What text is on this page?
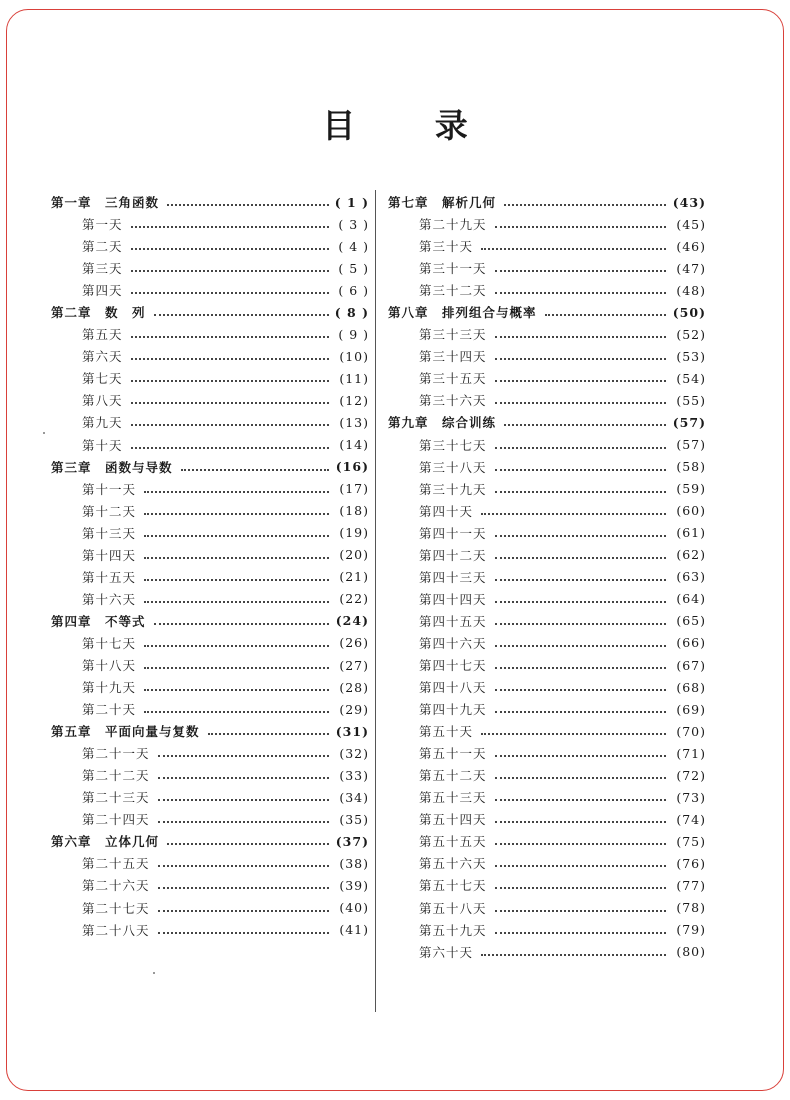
目 录
第一章　三角函数	( 1 )
第一天	( 3 )
第二天	( 4 )
第三天	( 5 )
第四天	( 6 )
第二章　数　列	( 8 )
第五天	( 9 )
第六天	(10)
第七天	(11)
第八天	(12)
第九天	(13)
第十天	(14)
第三章　函数与导数	(16)
第十一天	(17)
第十二天	(18)
第十三天	(19)
第十四天	(20)
第十五天	(21)
第十六天	(22)
第四章　不等式	(24)
第十七天	(26)
第十八天	(27)
第十九天	(28)
第二十天	(29)
第五章　平面向量与复数	(31)
第二十一天	(32)
第二十二天	(33)
第二十三天	(34)
第二十四天	(35)
第六章　立体几何	(37)
第二十五天	(38)
第二十六天	(39)
第二十七天	(40)
第二十八天	(41)
第七章　解析几何	(43)
第二十九天	(45)
第三十天	(46)
第三十一天	(47)
第三十二天	(48)
第八章　排列组合与概率	(50)
第三十三天	(52)
第三十四天	(53)
第三十五天	(54)
第三十六天	(55)
第九章　综合训练	(57)
第三十七天	(57)
第三十八天	(58)
第三十九天	(59)
第四十天	(60)
第四十一天	(61)
第四十二天	(62)
第四十三天	(63)
第四十四天	(64)
第四十五天	(65)
第四十六天	(66)
第四十七天	(67)
第四十八天	(68)
第四十九天	(69)
第五十天	(70)
第五十一天	(71)
第五十二天	(72)
第五十三天	(73)
第五十四天	(74)
第五十五天	(75)
第五十六天	(76)
第五十七天	(77)
第五十八天	(78)
第五十九天	(79)
第六十天	(80)
